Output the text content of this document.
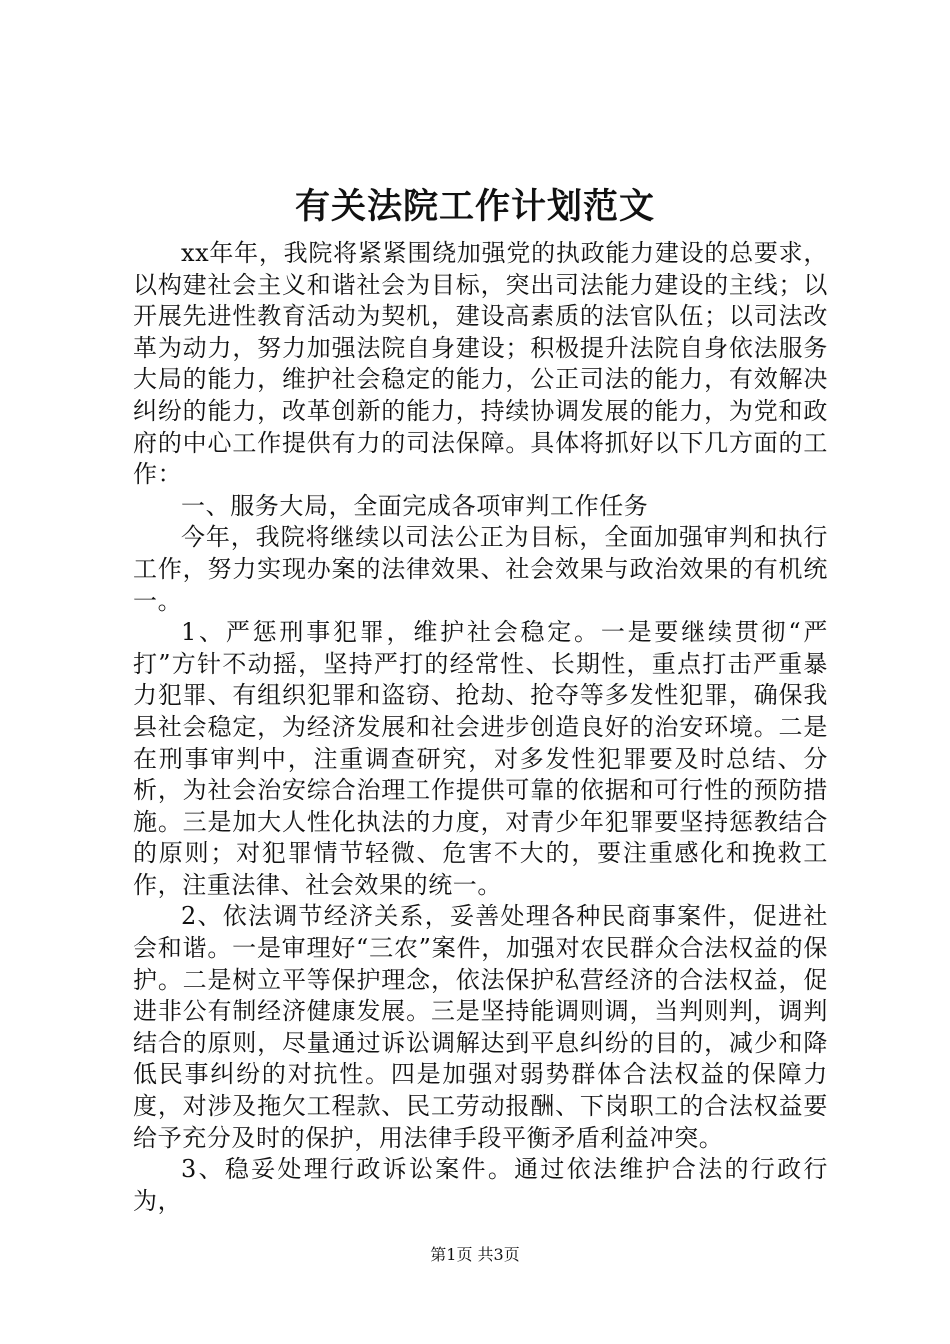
有关法院工作计划范文

xx年年，我院将紧紧围绕加强党的执政能力建设的总要求，以构建社会主义和谐社会为目标，突出司法能力建设的主线；以开展先进性教育活动为契机，建设高素质的法官队伍；以司法改革为动力，努力加强法院自身建设；积极提升法院自身依法服务大局的能力，维护社会稳定的能力，公正司法的能力，有效解决纠纷的能力，改革创新的能力，持续协调发展的能力，为党和政府的中心工作提供有力的司法保障。具体将抓好以下几方面的工作：

一、服务大局，全面完成各项审判工作任务

今年，我院将继续以司法公正为目标，全面加强审判和执行工作，努力实现办案的法律效果、社会效果与政治效果的有机统一。

1、严惩刑事犯罪，维护社会稳定。一是要继续贯彻“严打”方针不动摇，坚持严打的经常性、长期性，重点打击严重暴力犯罪、有组织犯罪和盗窃、抢劫、抢夺等多发性犯罪，确保我县社会稳定，为经济发展和社会进步创造良好的治安环境。二是在刑事审判中，注重调查研究，对多发性犯罪要及时总结、分析，为社会治安综合治理工作提供可靠的依据和可行性的预防措施。三是加大人性化执法的力度，对青少年犯罪要坚持惩教结合的原则；对犯罪情节轻微、危害不大的，要注重感化和挽救工作，注重法律、社会效果的统一。

2、依法调节经济关系，妥善处理各种民商事案件，促进社会和谐。一是审理好“三农”案件，加强对农民群众合法权益的保护。二是树立平等保护理念，依法保护私营经济的合法权益，促进非公有制经济健康发展。三是坚持能调则调，当判则判，调判结合的原则，尽量通过诉讼调解达到平息纠纷的目的，减少和降低民事纠纷的对抗性。四是加强对弱势群体合法权益的保障力度，对涉及拖欠工程款、民工劳动报酬、下岗职工的合法权益要给予充分及时的保护，用法律手段平衡矛盾利益冲突。

3、稳妥处理行政诉讼案件。通过依法维护合法的行政行为，

第1页 共3页
